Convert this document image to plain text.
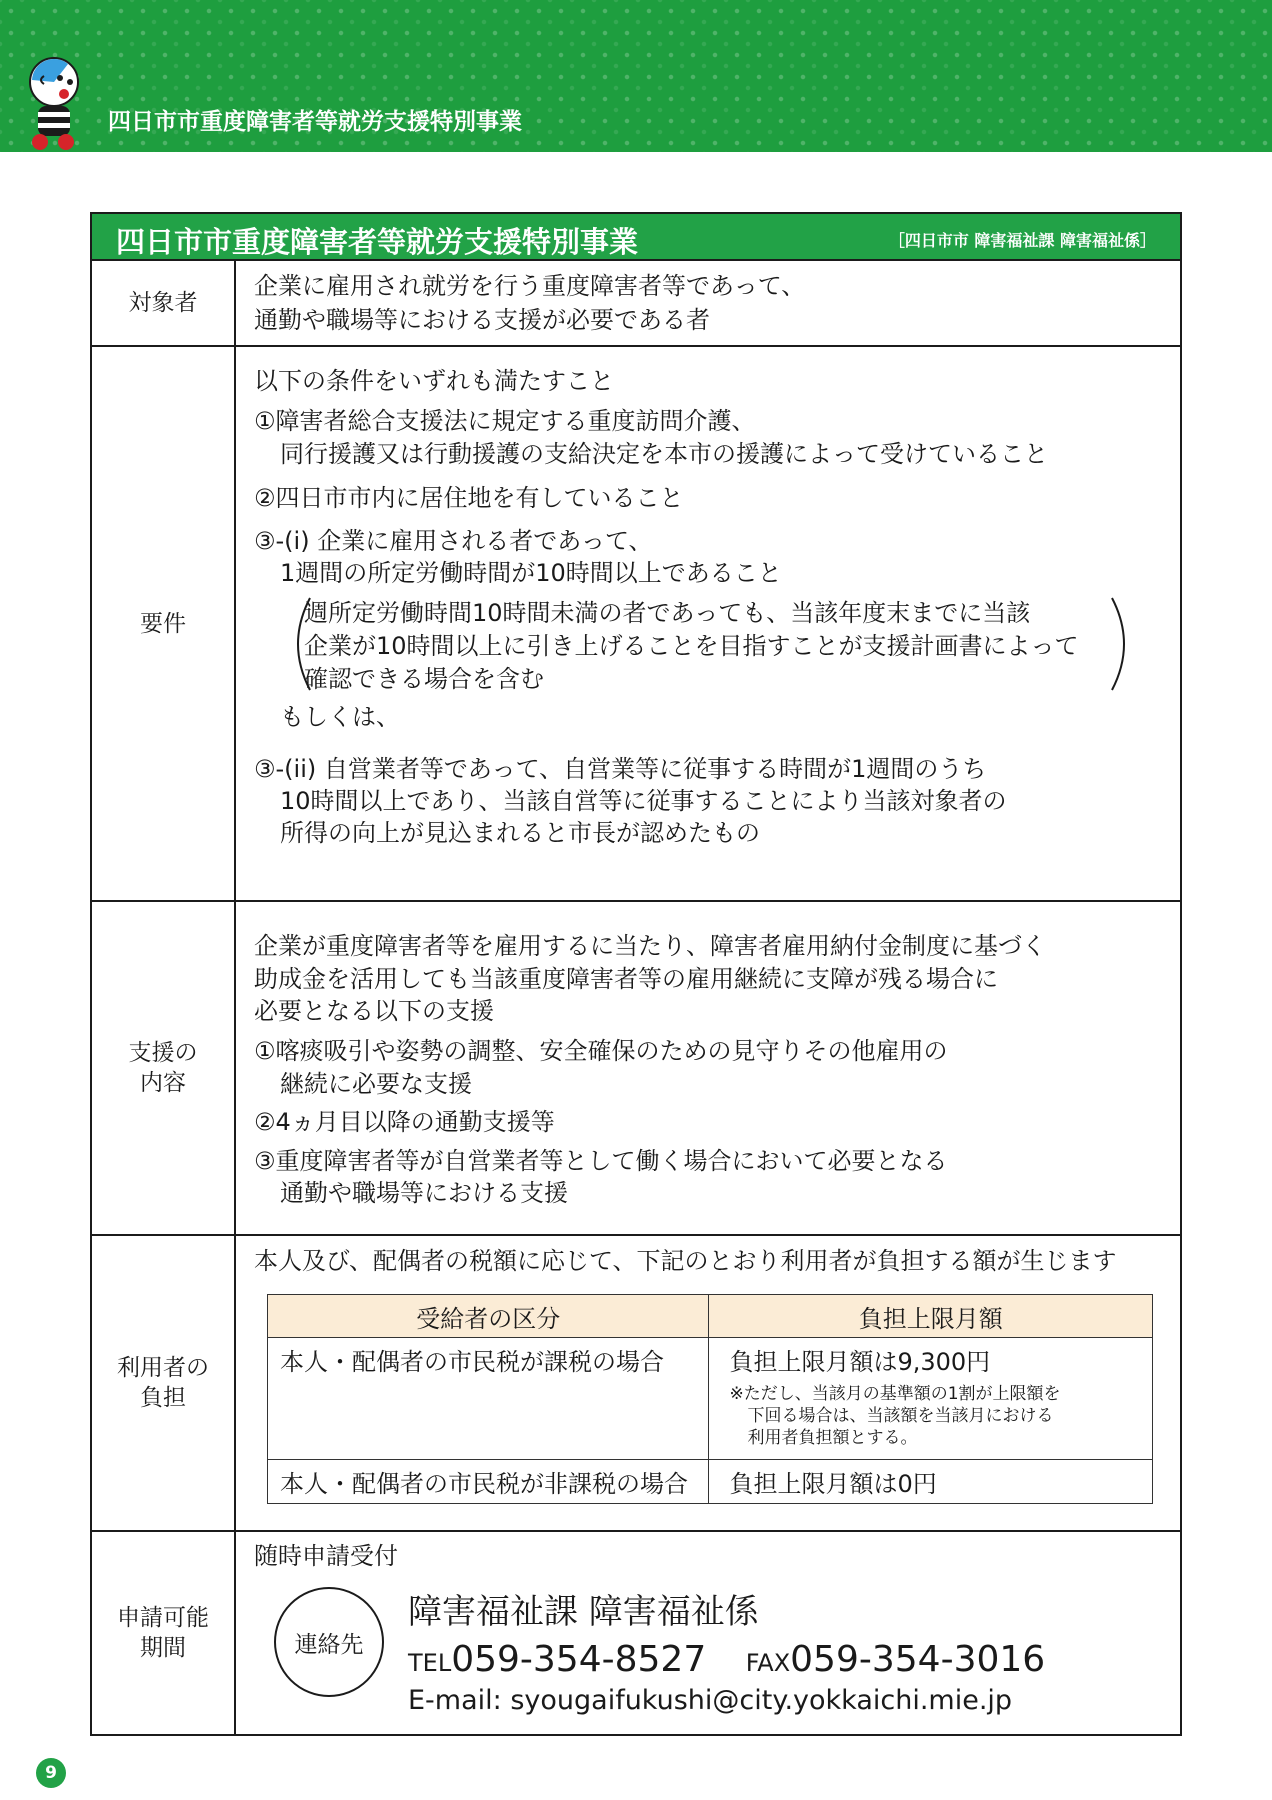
四日市市重度障害者等就労支援特別事業
四日市市重度障害者等就労支援特別事業	［四日市市 障害福祉課 障害福祉係］
対象者
企業に雇用され就労を行う重度障害者等であって、
通勤や職場等における支援が必要である者
要件
以下の条件をいずれも満たすこと
①障害者総合支援法に規定する重度訪問介護、
同行援護又は行動援護の支給決定を本市の援護によって受けていること
②四日市市内に居住地を有していること
③-(i) 企業に雇用される者であって、
1週間の所定労働時間が10時間以上であること
週所定労働時間10時間未満の者であっても、当該年度末までに当該
企業が10時間以上に引き上げることを目指すことが支援計画書によって
確認できる場合を含む
もしくは、
③-(ii) 自営業者等であって、自営業等に従事する時間が1週間のうち
10時間以上であり、当該自営等に従事することにより当該対象者の
所得の向上が見込まれると市長が認めたもの
支援の
内容
企業が重度障害者等を雇用するに当たり、障害者雇用納付金制度に基づく
助成金を活用しても当該重度障害者等の雇用継続に支障が残る場合に
必要となる以下の支援
①喀痰吸引や姿勢の調整、安全確保のための見守りその他雇用の
継続に必要な支援
②4ヵ月目以降の通勤支援等
③重度障害者等が自営業者等として働く場合において必要となる
通勤や職場等における支援
利用者の
負担
本人及び、配偶者の税額に応じて、下記のとおり利用者が負担する額が生じます
受給者の区分	負担上限月額
本人・配偶者の市民税が課税の場合	負担上限月額は9,300円
※ただし、当該月の基準額の1割が上限額を
下回る場合は、当該額を当該月における
利用者負担額とする。

本人・配偶者の市民税が非課税の場合	負担上限月額は0円
申請可能
期間
随時申請受付
連絡先
障害福祉課 障害福祉係
TEL059-354-8527 FAX059-354-3016
E-mail: syougaifukushi@city.yokkaichi.mie.jp
9
